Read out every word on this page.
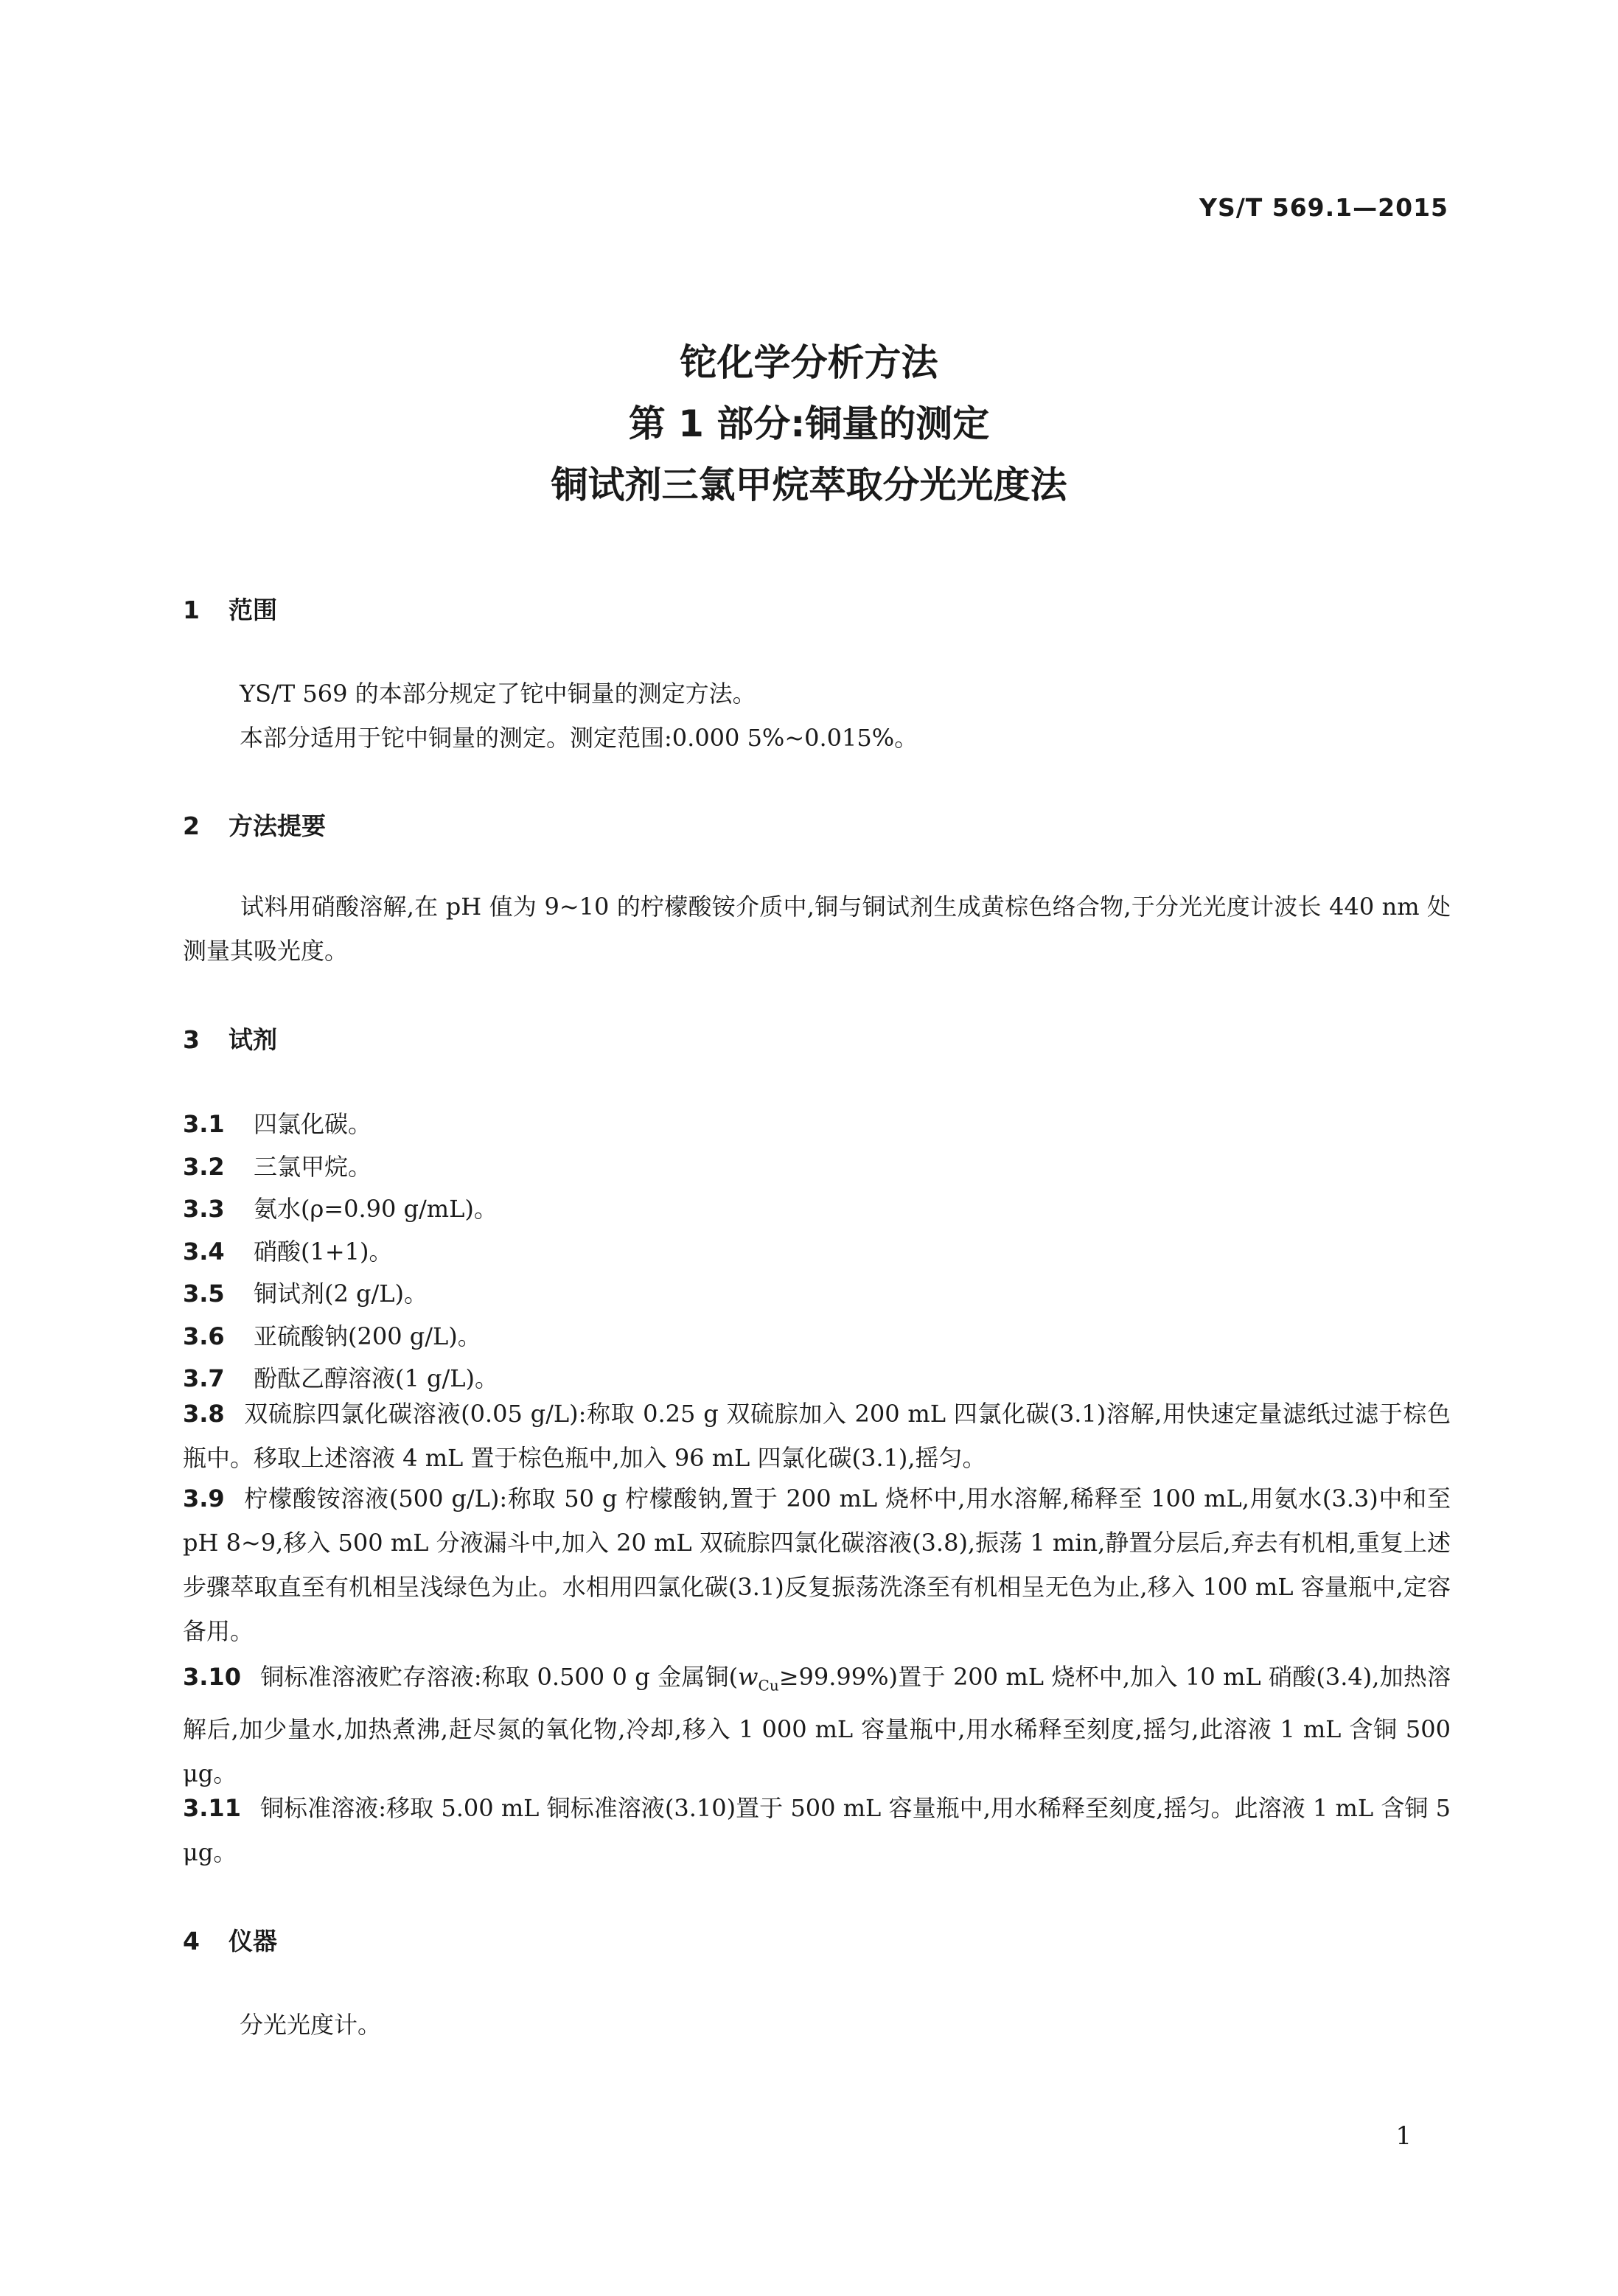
YS/T 569.1—2015
铊化学分析方法
第 1 部分:铜量的测定
铜试剂三氯甲烷萃取分光光度法
1 范围
YS/T 569 的本部分规定了铊中铜量的测定方法。
本部分适用于铊中铜量的测定。测定范围:0.000 5%~0.015%。
2 方法提要
试料用硝酸溶解,在 pH 值为 9~10 的柠檬酸铵介质中,铜与铜试剂生成黄棕色络合物,于分光光度计波长 440 nm 处测量其吸光度。
3 试剂
3.1 四氯化碳。
3.2 三氯甲烷。
3.3 氨水(ρ=0.90 g/mL)。
3.4 硝酸(1+1)。
3.5 铜试剂(2 g/L)。
3.6 亚硫酸钠(200 g/L)。
3.7 酚酞乙醇溶液(1 g/L)。
3.8 双硫腙四氯化碳溶液(0.05 g/L):称取 0.25 g 双硫腙加入 200 mL 四氯化碳(3.1)溶解,用快速定量滤纸过滤于棕色瓶中。移取上述溶液 4 mL 置于棕色瓶中,加入 96 mL 四氯化碳(3.1),摇匀。
3.9 柠檬酸铵溶液(500 g/L):称取 50 g 柠檬酸钠,置于 200 mL 烧杯中,用水溶解,稀释至 100 mL,用氨水(3.3)中和至 pH 8~9,移入 500 mL 分液漏斗中,加入 20 mL 双硫腙四氯化碳溶液(3.8),振荡 1 min,静置分层后,弃去有机相,重复上述步骤萃取直至有机相呈浅绿色为止。水相用四氯化碳(3.1)反复振荡洗涤至有机相呈无色为止,移入 100 mL 容量瓶中,定容备用。
3.10 铜标准溶液贮存溶液:称取 0.500 0 g 金属铜$(w_{Cu}\ge 99.99\%)$置于 200 mL 烧杯中,加入 10 mL 硝酸(3.4),加热溶解后,加少量水,加热煮沸,赶尽氮的氧化物,冷却,移入 1 000 mL 容量瓶中,用水稀释至刻度,摇匀,此溶液 1 mL 含铜 500 μg。
3.11 铜标准溶液:移取 5.00 mL 铜标准溶液(3.10)置于 500 mL 容量瓶中,用水稀释至刻度,摇匀。此溶液 1 mL 含铜 5 μg。
4 仪器
分光光度计。
1
